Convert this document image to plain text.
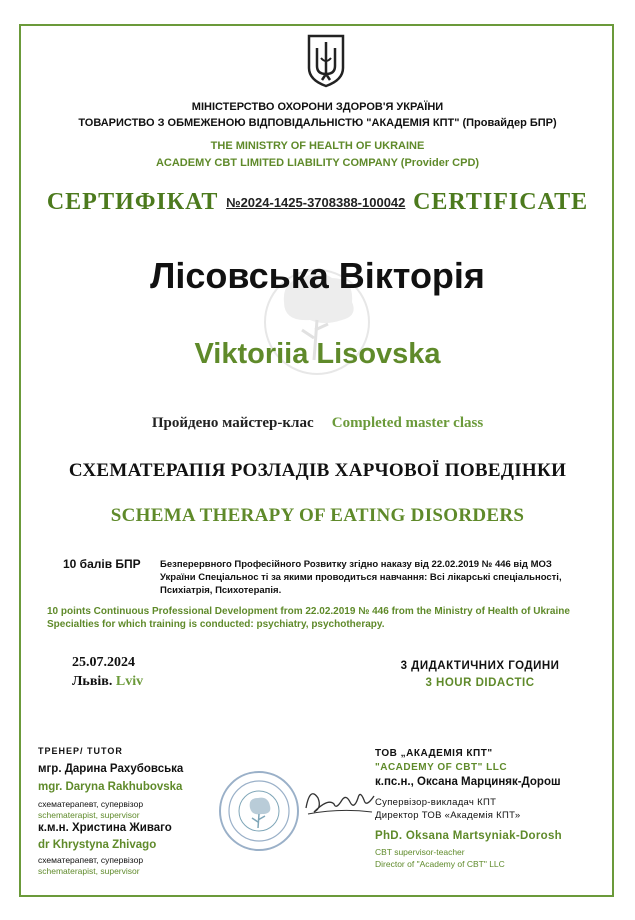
МІНІСТЕРСТВО ОХОРОНИ ЗДОРОВ'Я УКРАЇНИ
ТОВАРИСТВО З ОБМЕЖЕНОЮ ВІДПОВІДАЛЬНІСТЮ "АКАДЕМІЯ КПТ" (Провайдер БПР)
THE MINISTRY OF HEALTH OF UKRAINE
ACADEMY CBT LIMITED LIABILITY COMPANY (Provider CPD)
СЕРТИФІКАТ №2024-1425-3708388-100042 CERTIFICATE
Лісовська Вікторія
Viktoriia Lisovska
Пройдено майстер-клас Completed master class
СХЕМАТЕРАПІЯ РОЗЛАДІВ ХАРЧОВОЇ ПОВЕДІНКИ
SCHEMA THERAPY OF EATING DISORDERS
10 балів БПР Безперервного Професійного Розвитку згідно наказу від 22.02.2019 № 446 від МОЗ України Спеціальнос ті за якими проводиться навчання: Всі лікарські спеціальності, Психіатрія, Психотерапія.
10 points Continuous Professional Development from 22.02.2019 № 446 from the Ministry of Health of Ukraine Specialties for which training is conducted: psychiatry, psychotherapy.
25.07.2024
Львів. Lviv
3 ДИДАКТИЧНИХ ГОДИНИ
3 HOUR DIDACTIC
ТРЕНЕР/ TUTOR
мгр. Дарина Рахубовська
mgr. Daryna Rakhubovska
схематерапевт, супервізор
schematerapist, supervisor
к.м.н. Христина Живаго
dr Khrystyna Zhivago
схематерапевт, супервізор
schematerapist, supervisor
ТОВ „АКАДЕМІЯ КПТ"
"ACADEMY OF CBT" LLC
к.пс.н., Оксана Марциняк-Дорош
Супервізор-викладач КПТ
Директор ТОВ «Академія КПТ»
PhD. Oksana Martsyniak-Dorosh
CBT supervisor-teacher
Director of "Academy of CBT" LLC
